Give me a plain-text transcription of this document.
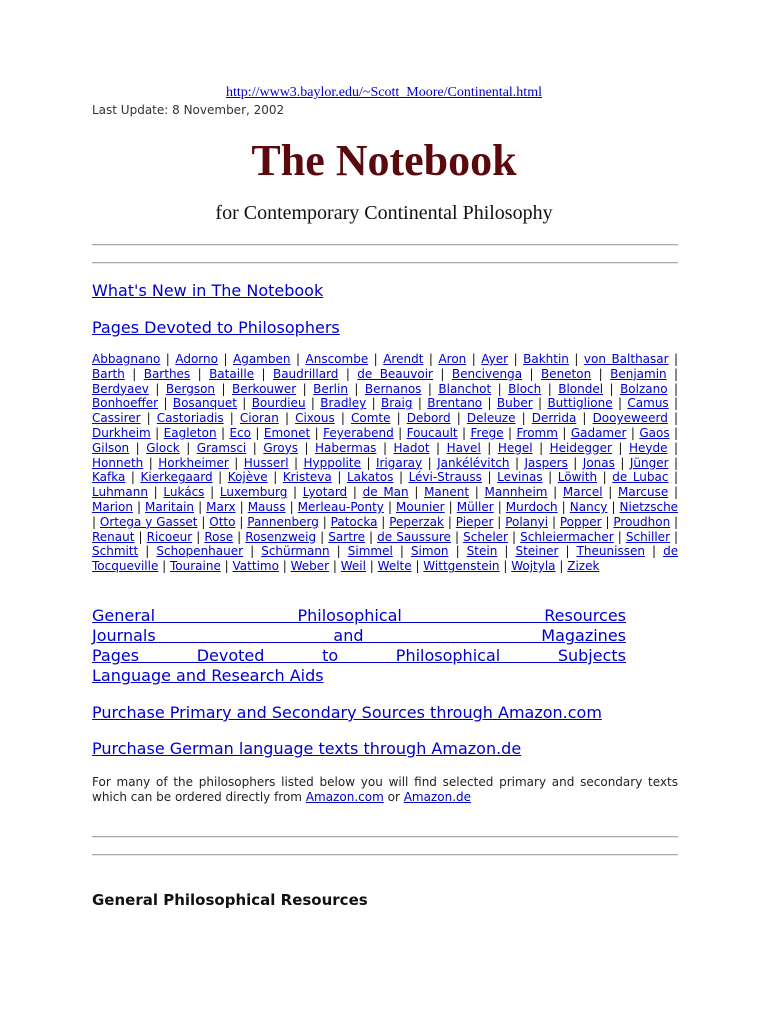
http://www3.baylor.edu/~Scott_Moore/Continental.html
Last Update: 8 November, 2002
The Notebook
for Contemporary Continental Philosophy
What's New in The Notebook
Pages Devoted to Philosophers
Abbagnano | Adorno | Agamben | Anscombe | Arendt | Aron | Ayer | Bakhtin | von Balthasar | Barth | Barthes | Bataille | Baudrillard | de Beauvoir | Bencivenga | Beneton | Benjamin | Berdyaev | Bergson | Berkouwer | Berlin | Bernanos | Blanchot | Bloch | Blondel | Bolzano | Bonhoeffer | Bosanquet | Bourdieu | Bradley | Braig | Brentano | Buber | Buttiglione | Camus | Cassirer | Castoriadis | Cioran | Cixous | Comte | Debord | Deleuze | Derrida | Dooyeweerd | Durkheim | Eagleton | Eco | Emonet | Feyerabend | Foucault | Frege | Fromm | Gadamer | Gaos | Gilson | Glock | Gramsci | Groys | Habermas | Hadot | Havel | Hegel | Heidegger | Heyde | Honneth | Horkheimer | Husserl | Hyppolite | Irigaray | Jankélévitch | Jaspers | Jonas | Jünger | Kafka | Kierkegaard | Kojève | Kristeva | Lakatos | Lévi-Strauss | Levinas | Löwith | de Lubac | Luhmann | Lukács | Luxemburg | Lyotard | de Man | Manent | Mannheim | Marcel | Marcuse | Marion | Maritain | Marx | Mauss | Merleau-Ponty | Mounier | Müller | Murdoch | Nancy | Nietzsche | Ortega y Gasset | Otto | Pannenberg | Patocka | Peperzak | Pieper | Polanyi | Popper | Proudhon | Renaut | Ricoeur | Rose | Rosenzweig | Sartre | de Saussure | Scheler | Schleiermacher | Schiller | Schmitt | Schopenhauer | Schürmann | Simmel | Simon | Stein | Steiner | Theunissen | de Tocqueville | Touraine | Vattimo | Weber | Weil | Welte | Wittgenstein | Wojtyla | Zizek
General Philosophical Resources
Journals and Magazines
Pages Devoted to Philosophical Subjects
Language and Research Aids
Purchase Primary and Secondary Sources through Amazon.com
Purchase German language texts through Amazon.de
For many of the philosophers listed below you will find selected primary and secondary texts which can be ordered directly from Amazon.com or Amazon.de
General Philosophical Resources
